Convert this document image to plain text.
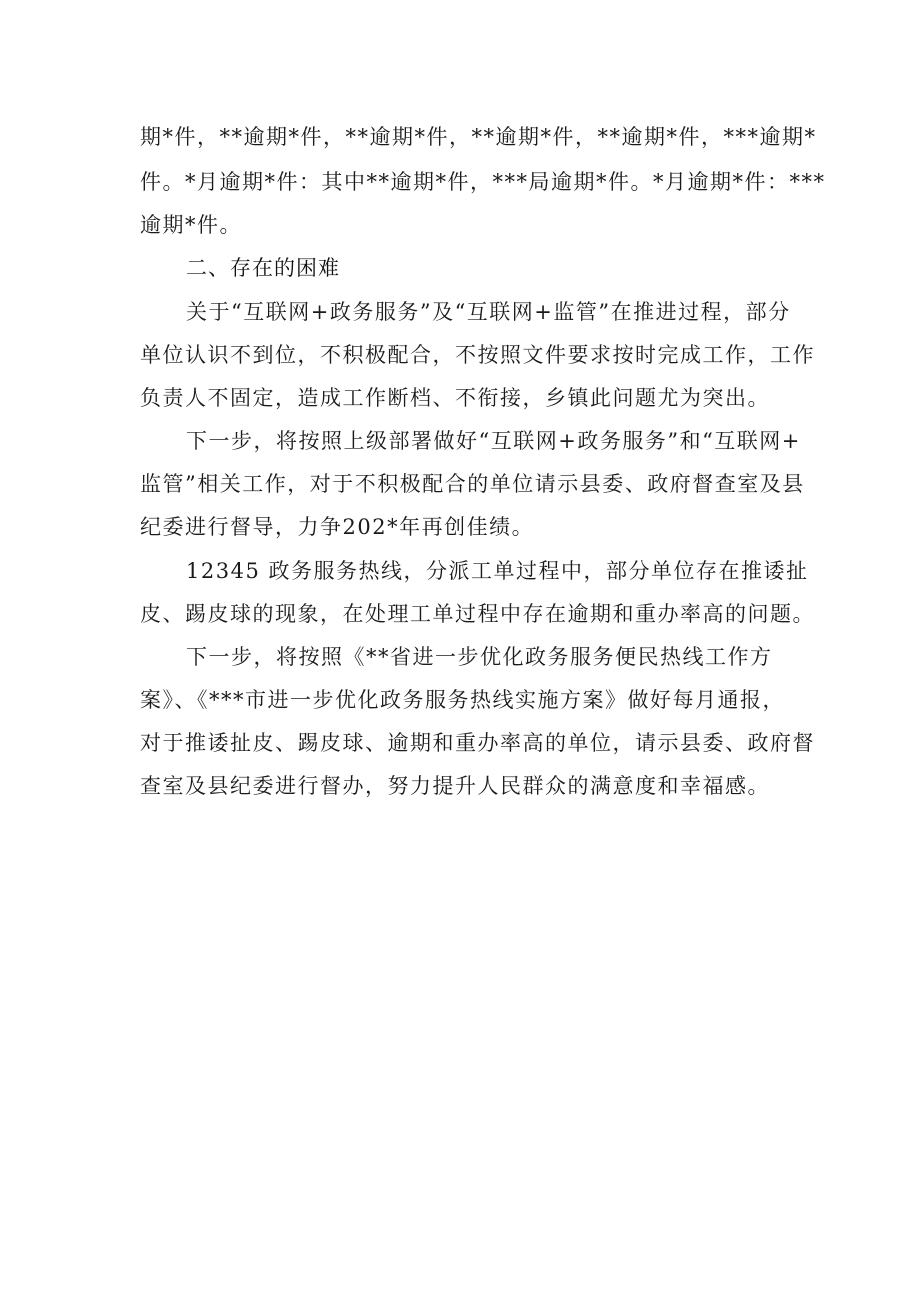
期*件，**逾期*件，**逾期*件，**逾期*件，**逾期*件，***逾期*
件。*月逾期*件：其中**逾期*件，***局逾期*件。*月逾期*件：***
逾期*件。
二、存在的困难
关于“互联网+政务服务”及“互联网+监管”在推进过程，部分
单位认识不到位，不积极配合，不按照文件要求按时完成工作，工作
负责人不固定，造成工作断档、不衔接，乡镇此问题尤为突出。
下一步，将按照上级部署做好“互联网+政务服务”和“互联网+
监管”相关工作，对于不积极配合的单位请示县委、政府督查室及县
纪委进行督导，力争202*年再创佳绩。
12345 政务服务热线，分派工单过程中，部分单位存在推诿扯
皮、踢皮球的现象，在处理工单过程中存在逾期和重办率高的问题。
下一步，将按照《**省进一步优化政务服务便民热线工作方
案》、《***市进一步优化政务服务热线实施方案》做好每月通报，
对于推诿扯皮、踢皮球、逾期和重办率高的单位，请示县委、政府督
查室及县纪委进行督办，努力提升人民群众的满意度和幸福感。
